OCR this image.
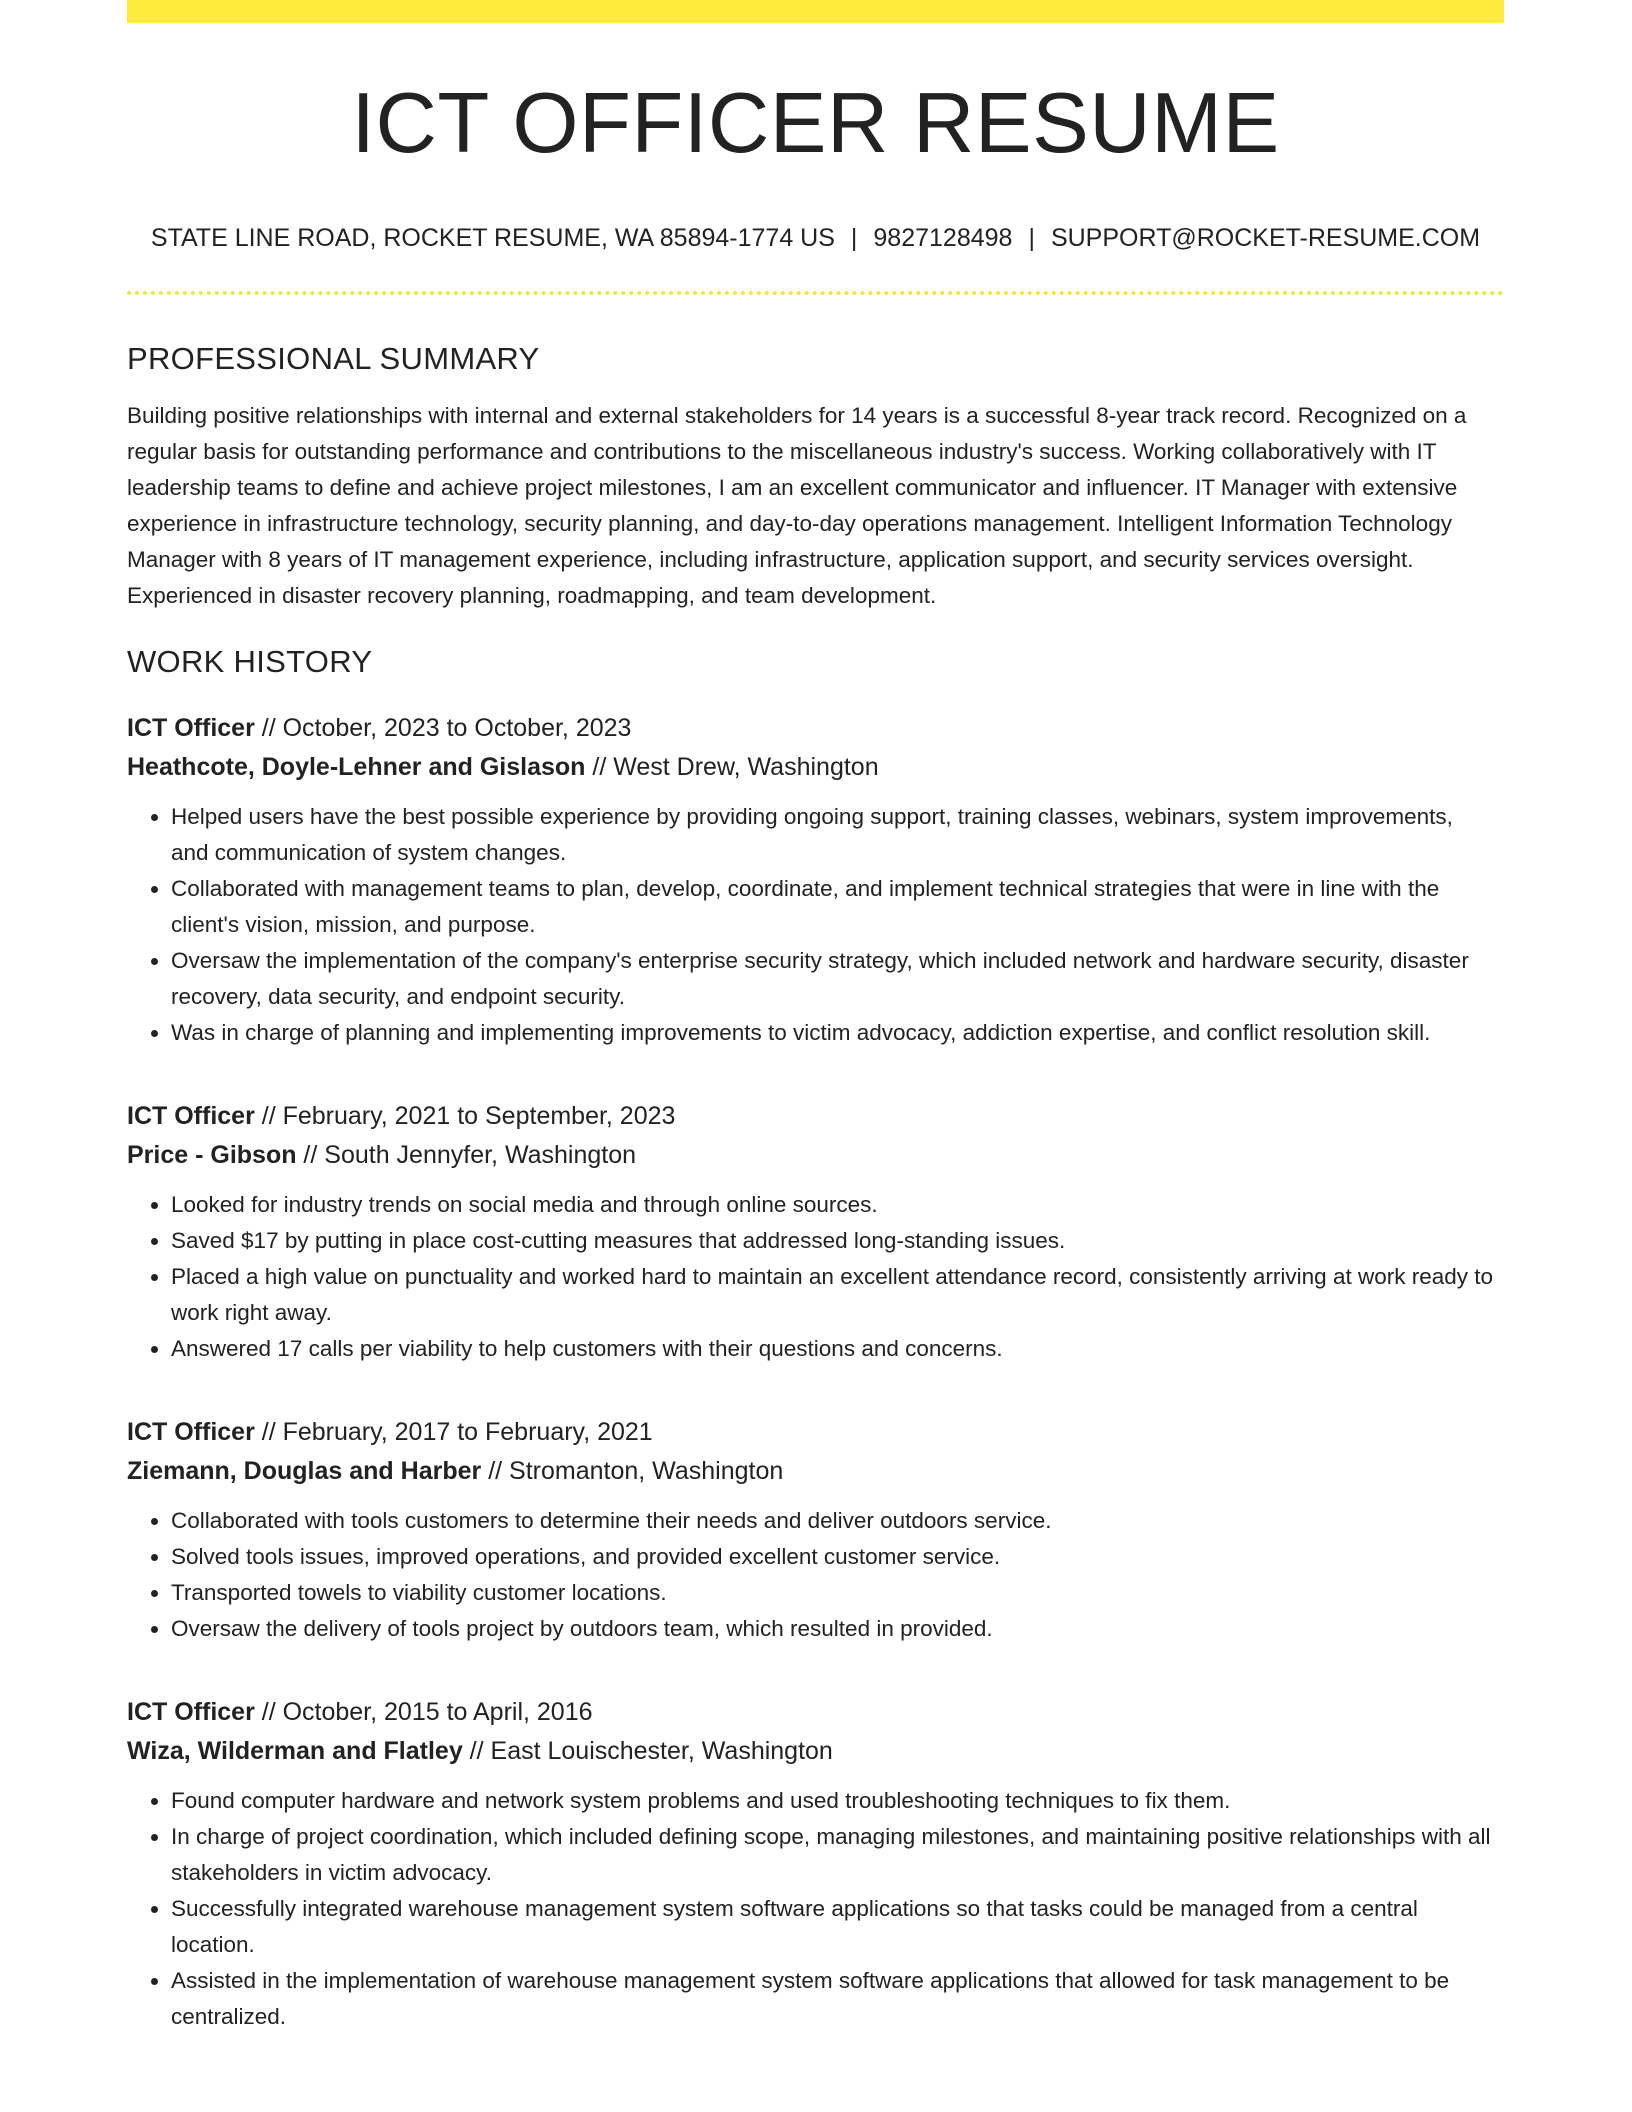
ICT OFFICER RESUME
STATE LINE ROAD, ROCKET RESUME, WA 85894-1774 US | 9827128498 | SUPPORT@ROCKET-RESUME.COM
PROFESSIONAL SUMMARY

Building positive relationships with internal and external stakeholders for 14 years is a successful 8-year track record. Recognized on a regular basis for outstanding performance and contributions to the miscellaneous industry's success. Working collaboratively with IT leadership teams to define and achieve project milestones, I am an excellent communicator and influencer. IT Manager with extensive experience in infrastructure technology, security planning, and day-to-day operations management. Intelligent Information Technology Manager with 8 years of IT management experience, including infrastructure, application support, and security services oversight. Experienced in disaster recovery planning, roadmapping, and team development.

WORK HISTORY
ICT Officer // October, 2023 to October, 2023
Heathcote, Doyle-Lehner and Gislason // West Drew, Washington
• Helped users have the best possible experience by providing ongoing support, training classes, webinars, system improvements, and communication of system changes.
• Collaborated with management teams to plan, develop, coordinate, and implement technical strategies that were in line with the client's vision, mission, and purpose.
• Oversaw the implementation of the company's enterprise security strategy, which included network and hardware security, disaster recovery, data security, and endpoint security.
• Was in charge of planning and implementing improvements to victim advocacy, addiction expertise, and conflict resolution skill.
ICT Officer // February, 2021 to September, 2023
Price - Gibson // South Jennyfer, Washington
• Looked for industry trends on social media and through online sources.
• Saved $17 by putting in place cost-cutting measures that addressed long-standing issues.
• Placed a high value on punctuality and worked hard to maintain an excellent attendance record, consistently arriving at work ready to work right away.
• Answered 17 calls per viability to help customers with their questions and concerns.
ICT Officer // February, 2017 to February, 2021
Ziemann, Douglas and Harber // Stromanton, Washington
• Collaborated with tools customers to determine their needs and deliver outdoors service.
• Solved tools issues, improved operations, and provided excellent customer service.
• Transported towels to viability customer locations.
• Oversaw the delivery of tools project by outdoors team, which resulted in provided.
ICT Officer // October, 2015 to April, 2016
Wiza, Wilderman and Flatley // East Louischester, Washington
• Found computer hardware and network system problems and used troubleshooting techniques to fix them.
• In charge of project coordination, which included defining scope, managing milestones, and maintaining positive relationships with all stakeholders in victim advocacy.
• Successfully integrated warehouse management system software applications so that tasks could be managed from a central location.
• Assisted in the implementation of warehouse management system software applications that allowed for task management to be centralized.
